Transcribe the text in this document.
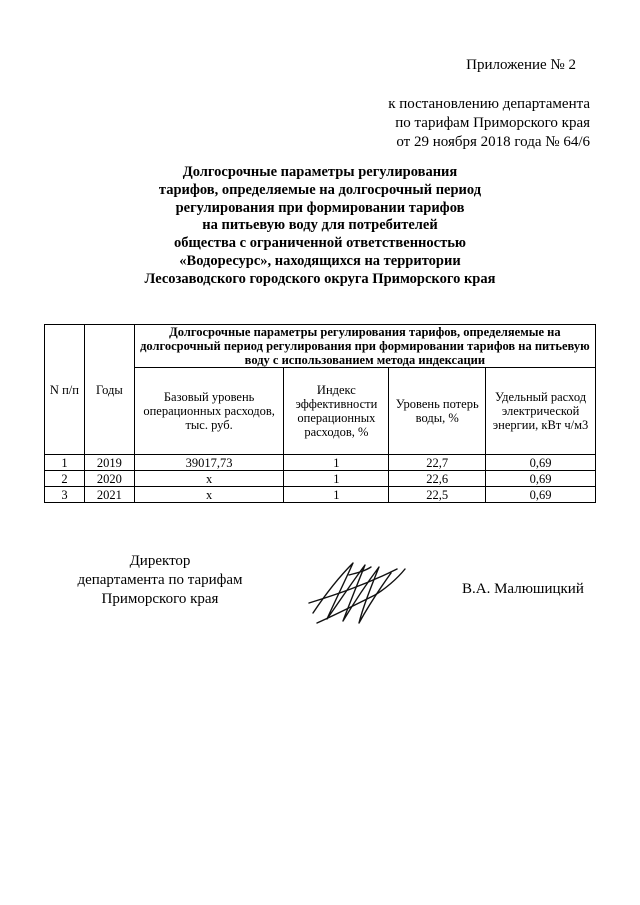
Приложение № 2
к постановлению департамента
по тарифам Приморского края
от 29 ноября 2018 года № 64/6
Долгосрочные параметры регулирования
тарифов, определяемые на долгосрочный период
регулирования при формировании тарифов
на питьевую воду для потребителей
общества с ограниченной ответственностью
«Водоресурс», находящихся на территории
Лесозаводского городского округа Приморского края
N п/п	Годы	Долгосрочные параметры регулирования тарифов, определяемые на долгосрочный период регулирования при формировании тарифов на питьевую воду с использованием метода индексации			
		Базовый уровень операционных расходов, тыс. руб.	Индекс эффективности операционных расходов, %	Уровень потерь воды, %	Удельный расход электрической энергии, кВт ч/м3
1	2019	39017,73	1	22,7	0,69
2	2020	x	1	22,6	0,69
3	2021	x	1	22,5	0,69
Директор
департамента по тарифам
Приморского края
В.А. Малюшицкий
